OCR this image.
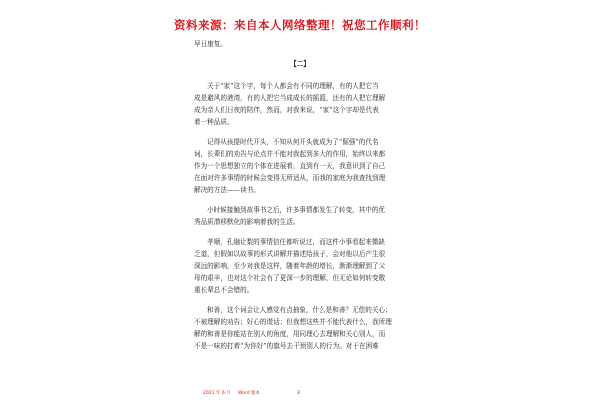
资料来源：来自本人网络整理！祝您工作顺利！
早日康复。
【二】
关于“家”这个字，每个人都会有不同的理解，有的人把它当
成是避风的港湾，有的人把它当成成长的摇篮，还有的人把它理解
成为亲人们日夜的陪伴，然而，对我来说，“家”这个字却是代表
着一种品质。
记得从孩提时代开头，不知从何开头就成为了“倔强”的代名
词，长辈们的劝告与论点并不能对我起到多大的作用，始终以来都
作为一个思想独立的个体在进展着，直到有一天，我意识到了自己
在面对许多事情的时候会变得无所适从，而我的家庭为我查找到理
解决的方法——读书。
小时候接触到故事书之后，许多事情都发生了转变，其中的优
秀品质潜移默化的影响着我的生活。
孝顺，孔融让梨的事情信任都听说过，而这件小事看起来微缺
乏道，但假如以故事的形式讲解并描述给孩子，会对他以后产生很
深远的影响，至少对我是这样，随着年龄的增长，渐渐理解到了父
母的艰辛，也对这个社会有了更深一步的理解，但无论如何转变敬
重长辈总不会错的。
和善，这个词会让人感觉有点抽象，什么是和善？无偿的关心；
不被理解的劝告；好心的谎话；但我想这些并不能代表什么，我所理
解的和善是你能站在别人的角度，用同理心去理解和关心别人，而
不是一味的打着“为你好”的旗号去干预别人的行为。对于在困难
2021 年 6 月 Word 版本	3
